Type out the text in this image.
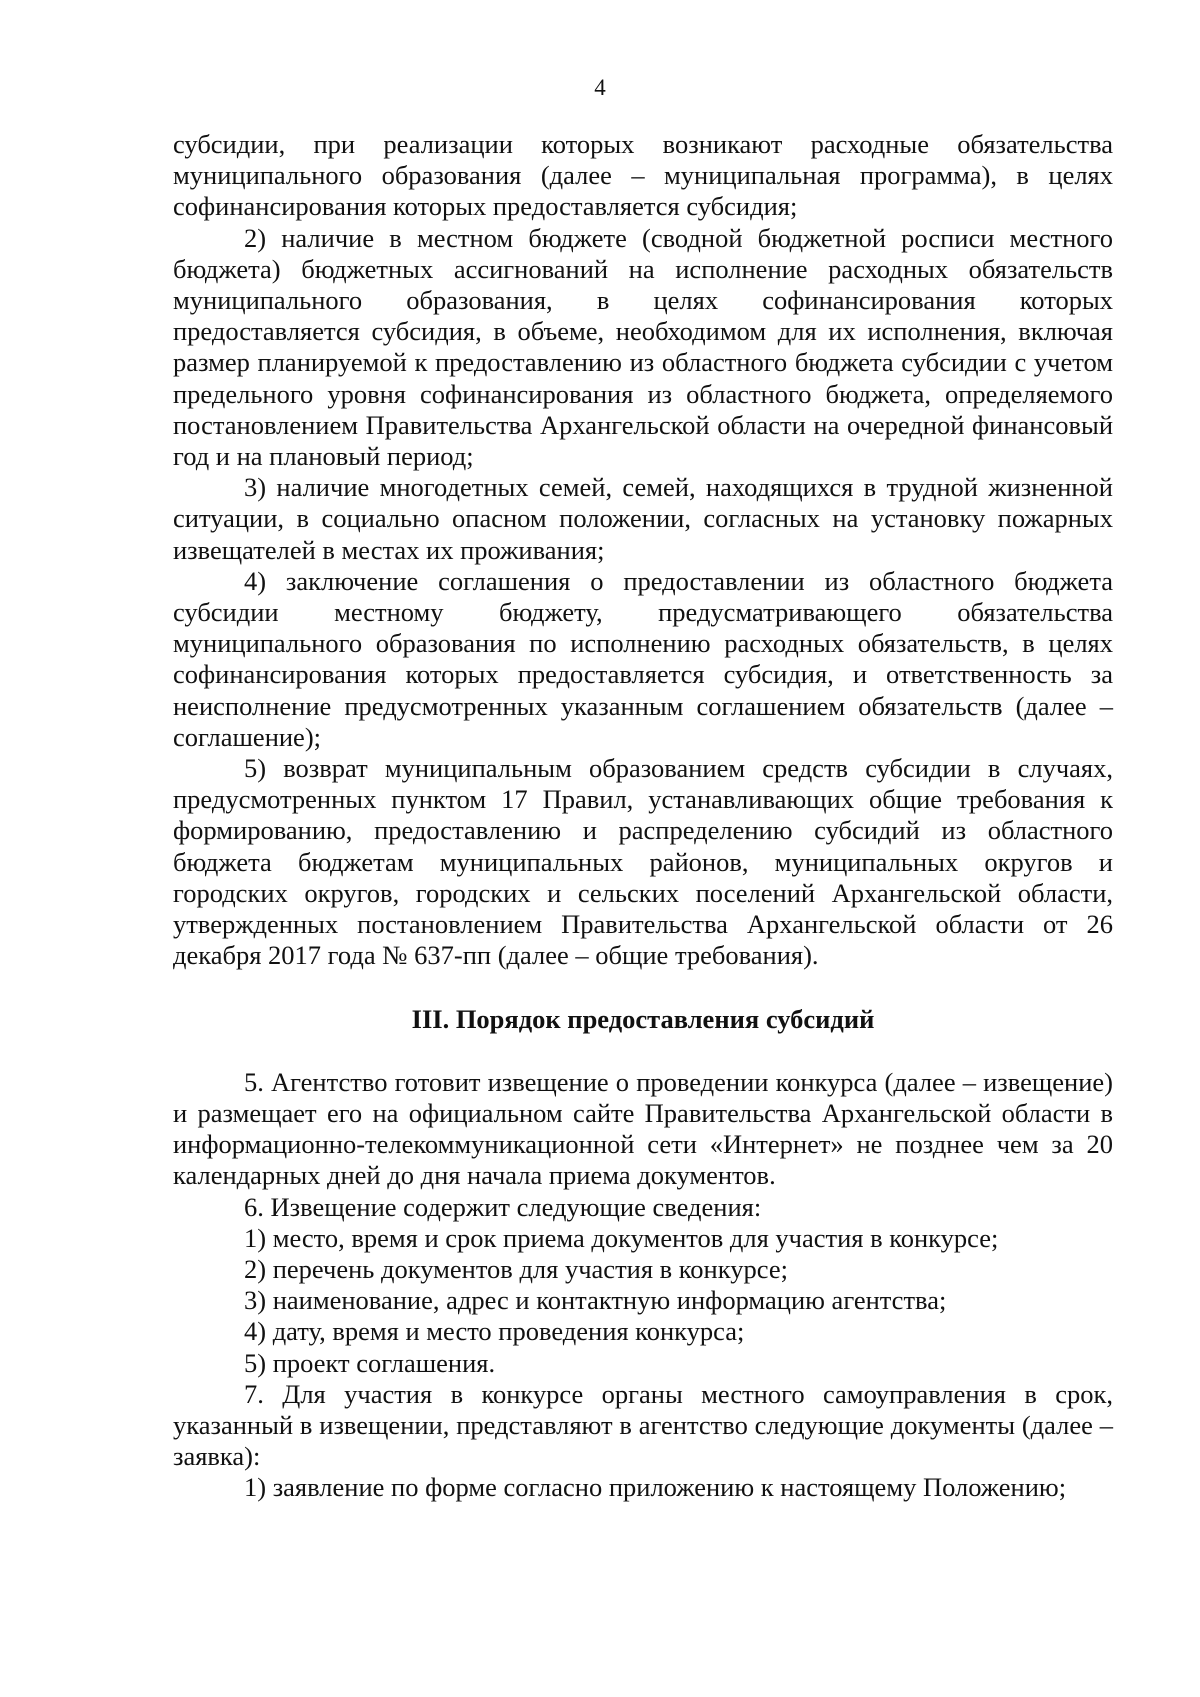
4

субсидии, при реализации которых возникают расходные обязательства муниципального образования (далее – муниципальная программа), в целях софинансирования которых предоставляется субсидия;

2) наличие в местном бюджете (сводной бюджетной росписи местного бюджета) бюджетных ассигнований на исполнение расходных обязательств муниципального образования, в целях софинансирования которых предоставляется субсидия, в объеме, необходимом для их исполнения, включая размер планируемой к предоставлению из областного бюджета субсидии с учетом предельного уровня софинансирования из областного бюджета, определяемого постановлением Правительства Архангельской области на очередной финансовый год и на плановый период;

3) наличие многодетных семей, семей, находящихся в трудной жизненной ситуации, в социально опасном положении, согласных на установку пожарных извещателей в местах их проживания;

4) заключение соглашения о предоставлении из областного бюджета субсидии местному бюджету, предусматривающего обязательства муниципального образования по исполнению расходных обязательств, в целях софинансирования которых предоставляется субсидия, и ответственность за неисполнение предусмотренных указанным соглашением обязательств (далее – соглашение);

5) возврат муниципальным образованием средств субсидии в случаях, предусмотренных пунктом 17 Правил, устанавливающих общие требования к формированию, предоставлению и распределению субсидий из областного бюджета бюджетам муниципальных районов, муниципальных округов и городских округов, городских и сельских поселений Архангельской области, утвержденных постановлением Правительства Архангельской области от 26 декабря 2017 года № 637-пп (далее – общие требования).

III. Порядок предоставления субсидий

5. Агентство готовит извещение о проведении конкурса (далее – извещение) и размещает его на официальном сайте Правительства Архангельской области в информационно-телекоммуникационной сети «Интернет» не позднее чем за 20 календарных дней до дня начала приема документов.

6. Извещение содержит следующие сведения:

1) место, время и срок приема документов для участия в конкурсе;

2) перечень документов для участия в конкурсе;

3) наименование, адрес и контактную информацию агентства;

4) дату, время и место проведения конкурса;

5) проект соглашения.

7. Для участия в конкурсе органы местного самоуправления в срок, указанный в извещении, представляют в агентство следующие документы (далее – заявка):

1) заявление по форме согласно приложению к настоящему Положению;
